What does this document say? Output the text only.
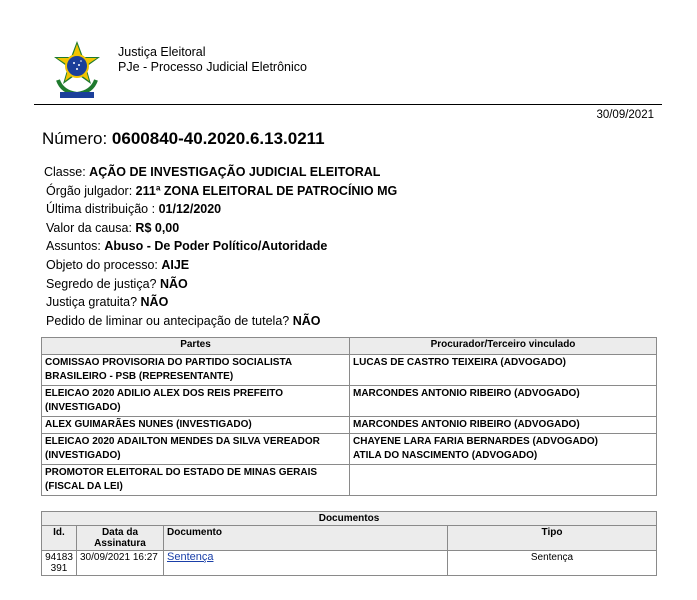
Justiça Eleitoral
PJe - Processo Judicial Eletrônico
30/09/2021
Número: 0600840-40.2020.6.13.0211
Classe: AÇÃO DE INVESTIGAÇÃO JUDICIAL ELEITORAL
Órgão julgador: 211ª ZONA ELEITORAL DE PATROCÍNIO MG
Última distribuição : 01/12/2020
Valor da causa: R$ 0,00
Assuntos: Abuso - De Poder Político/Autoridade
Objeto do processo: AIJE
Segredo de justiça? NÃO
Justiça gratuita? NÃO
Pedido de liminar ou antecipação de tutela? NÃO
Partes	Procurador/Terceiro vinculado
COMISSAO PROVISORIA DO PARTIDO SOCIALISTA BRASILEIRO - PSB (REPRESENTANTE)	LUCAS DE CASTRO TEIXEIRA (ADVOGADO)

ELEICAO 2020 ADILIO ALEX DOS REIS PREFEITO (INVESTIGADO)	MARCONDES ANTONIO RIBEIRO (ADVOGADO)

ALEX GUIMARÃES NUNES (INVESTIGADO)	MARCONDES ANTONIO RIBEIRO (ADVOGADO)

ELEICAO 2020 ADAILTON MENDES DA SILVA VEREADOR (INVESTIGADO)	CHAYENE LARA FARIA BERNARDES (ADVOGADO)
ATILA DO NASCIMENTO (ADVOGADO)

PROMOTOR ELEITORAL DO ESTADO DE MINAS GERAIS (FISCAL DA LEI)	
Documentos			
Id.	Data da Assinatura	Documento	Tipo
94183391	30/09/2021 16:27	Sentença	Sentença
